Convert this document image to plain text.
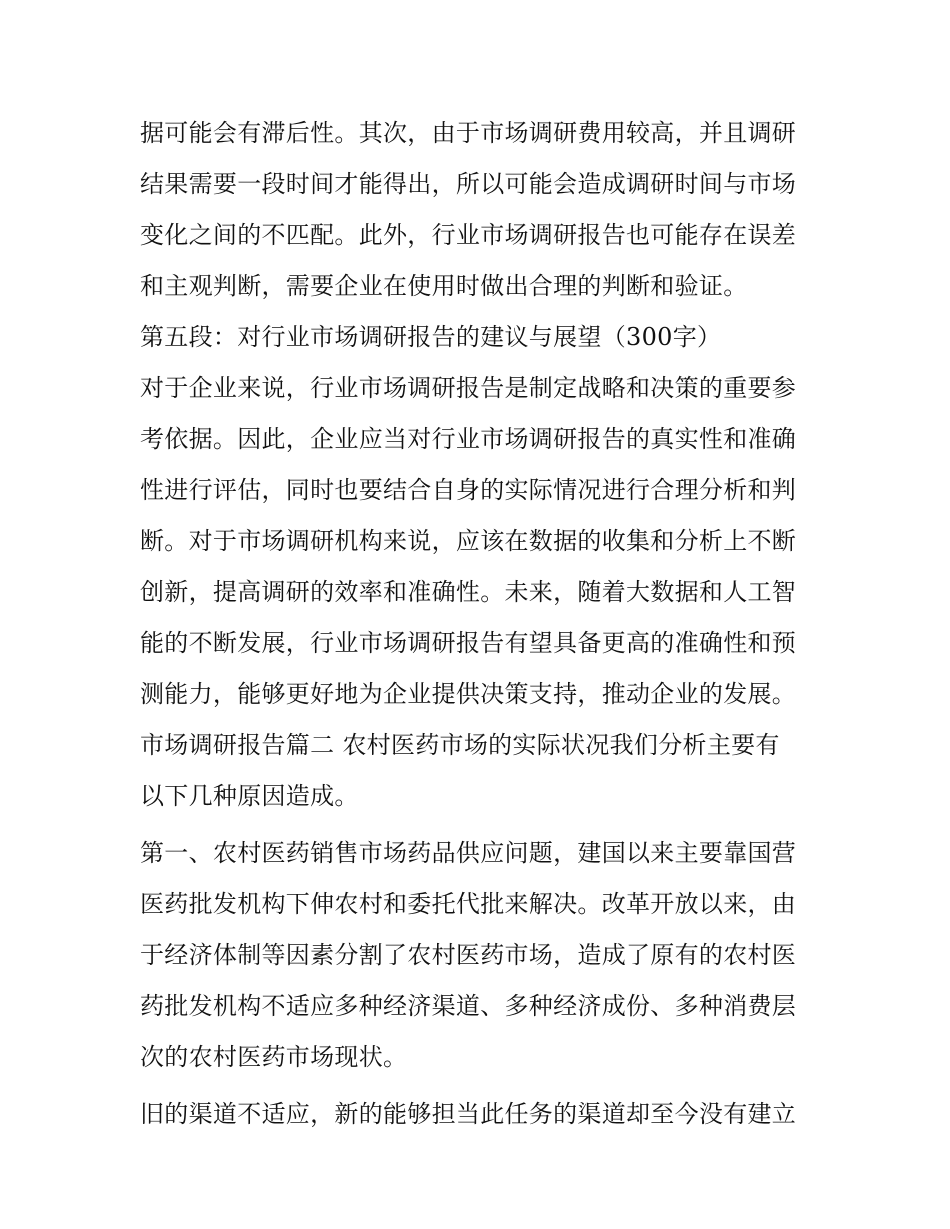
据可能会有滞后性。其次，由于市场调研费用较高，并且调研
结果需要一段时间才能得出，所以可能会造成调研时间与市场
变化之间的不匹配。此外，行业市场调研报告也可能存在误差
和主观判断，需要企业在使用时做出合理的判断和验证。
第五段：对行业市场调研报告的建议与展望（300字）
对于企业来说，行业市场调研报告是制定战略和决策的重要参
考依据。因此，企业应当对行业市场调研报告的真实性和准确
性进行评估，同时也要结合自身的实际情况进行合理分析和判
断。对于市场调研机构来说，应该在数据的收集和分析上不断
创新，提高调研的效率和准确性。未来，随着大数据和人工智
能的不断发展，行业市场调研报告有望具备更高的准确性和预
测能力，能够更好地为企业提供决策支持，推动企业的发展。
市场调研报告篇二 农村医药市场的实际状况我们分析主要有
以下几种原因造成。
第一、农村医药销售市场药品供应问题，建国以来主要靠国营
医药批发机构下伸农村和委托代批来解决。改革开放以来，由
于经济体制等因素分割了农村医药市场，造成了原有的农村医
药批发机构不适应多种经济渠道、多种经济成份、多种消费层
次的农村医药市场现状。
旧的渠道不适应，新的能够担当此任务的渠道却至今没有建立
